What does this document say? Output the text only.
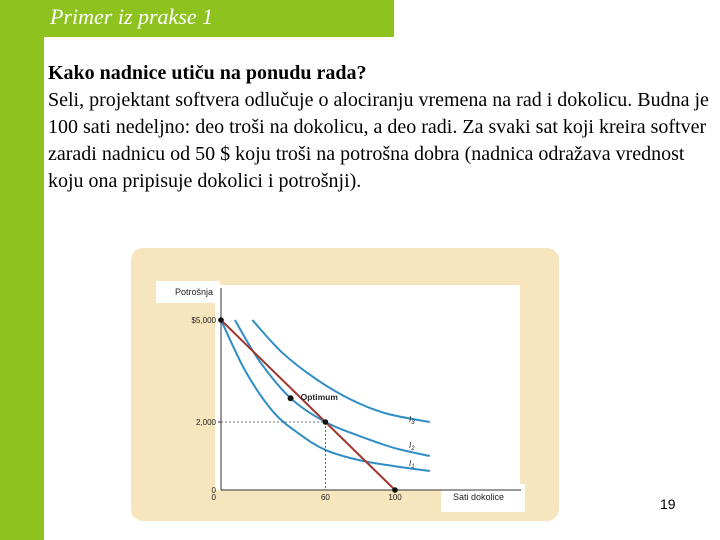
Primer iz prakse 1
Kako nadnice utiču na ponudu rada?
Seli, projektant softvera odlučuje o alociranju vremena na rad i dokolicu. Budna je 100 sati nedeljno: deo troši na dokolicu, a deo radi. Za svaki sat koji kreira softver zaradi nadnicu od 50 $ koju troši na potrošna dobra (nadnica odražava vrednost koju ona pripisuje dokolici i potrošnji).
Potrošnja
Sati dokolice
$5,000
2,000
0
0	60	100
$I_1$
$I_2$
$I_3$
Optimum
19
